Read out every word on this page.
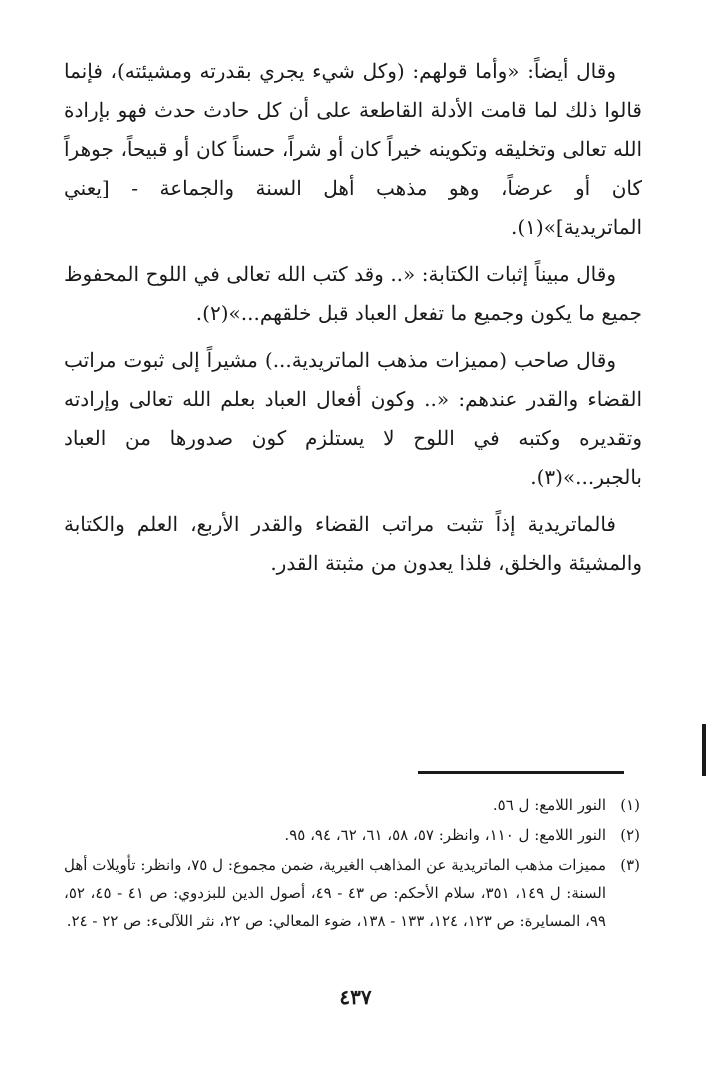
وقال أيضاً: «وأما قولهم: (وكل شيء يجري بقدرته ومشيئته)، فإنما قالوا ذلك لما قامت الأدلة القاطعة على أن كل حادث حدث فهو بإرادة الله تعالى وتخليقه وتكوينه خيراً كان أو شراً، حسناً كان أو قبيحاً، جوهراً كان أو عرضاً، وهو مذهب أهل السنة والجماعة - [يعني الماتريدية]»(١).

وقال مبيناً إثبات الكتابة: «.. وقد كتب الله تعالى في اللوح المحفوظ جميع ما يكون وجميع ما تفعل العباد قبل خلقهم...»(٢).

وقال صاحب (مميزات مذهب الماتريدية...) مشيراً إلى ثبوت مراتب القضاء والقدر عندهم: «.. وكون أفعال العباد بعلم الله تعالى وإرادته وتقديره وكتبه في اللوح لا يستلزم كون صدورها من العباد بالجبر...»(٣).

فالماتريدية إذاً تثبت مراتب القضاء والقدر الأربع، العلم والكتابة والمشيئة والخلق، فلذا يعدون من مثبتة القدر.

(١)
النور اللامع: ل ٥٦.
(٢)
النور اللامع: ل ١١٠، وانظر: ٥٧، ٥٨، ٦١، ٦٢، ٩٤، ٩٥.
(٣)
مميزات مذهب الماتريدية عن المذاهب الغيرية، ضمن مجموع: ل ٧٥، وانظر: تأويلات أهل السنة: ل ١٤٩، ٣٥١، سلام الأحكم: ص ٤٣ - ٤٩، أصول الدين للبزدوي: ص ٤١ - ٤٥، ٥٢، ٩٩، المسايرة: ص ١٢٣، ١٢٤، ١٣٣ - ١٣٨، ضوء المعالي: ص ٢٢، نثر اللآلىء: ص ٢٢ - ٢٤.
٤٣٧
